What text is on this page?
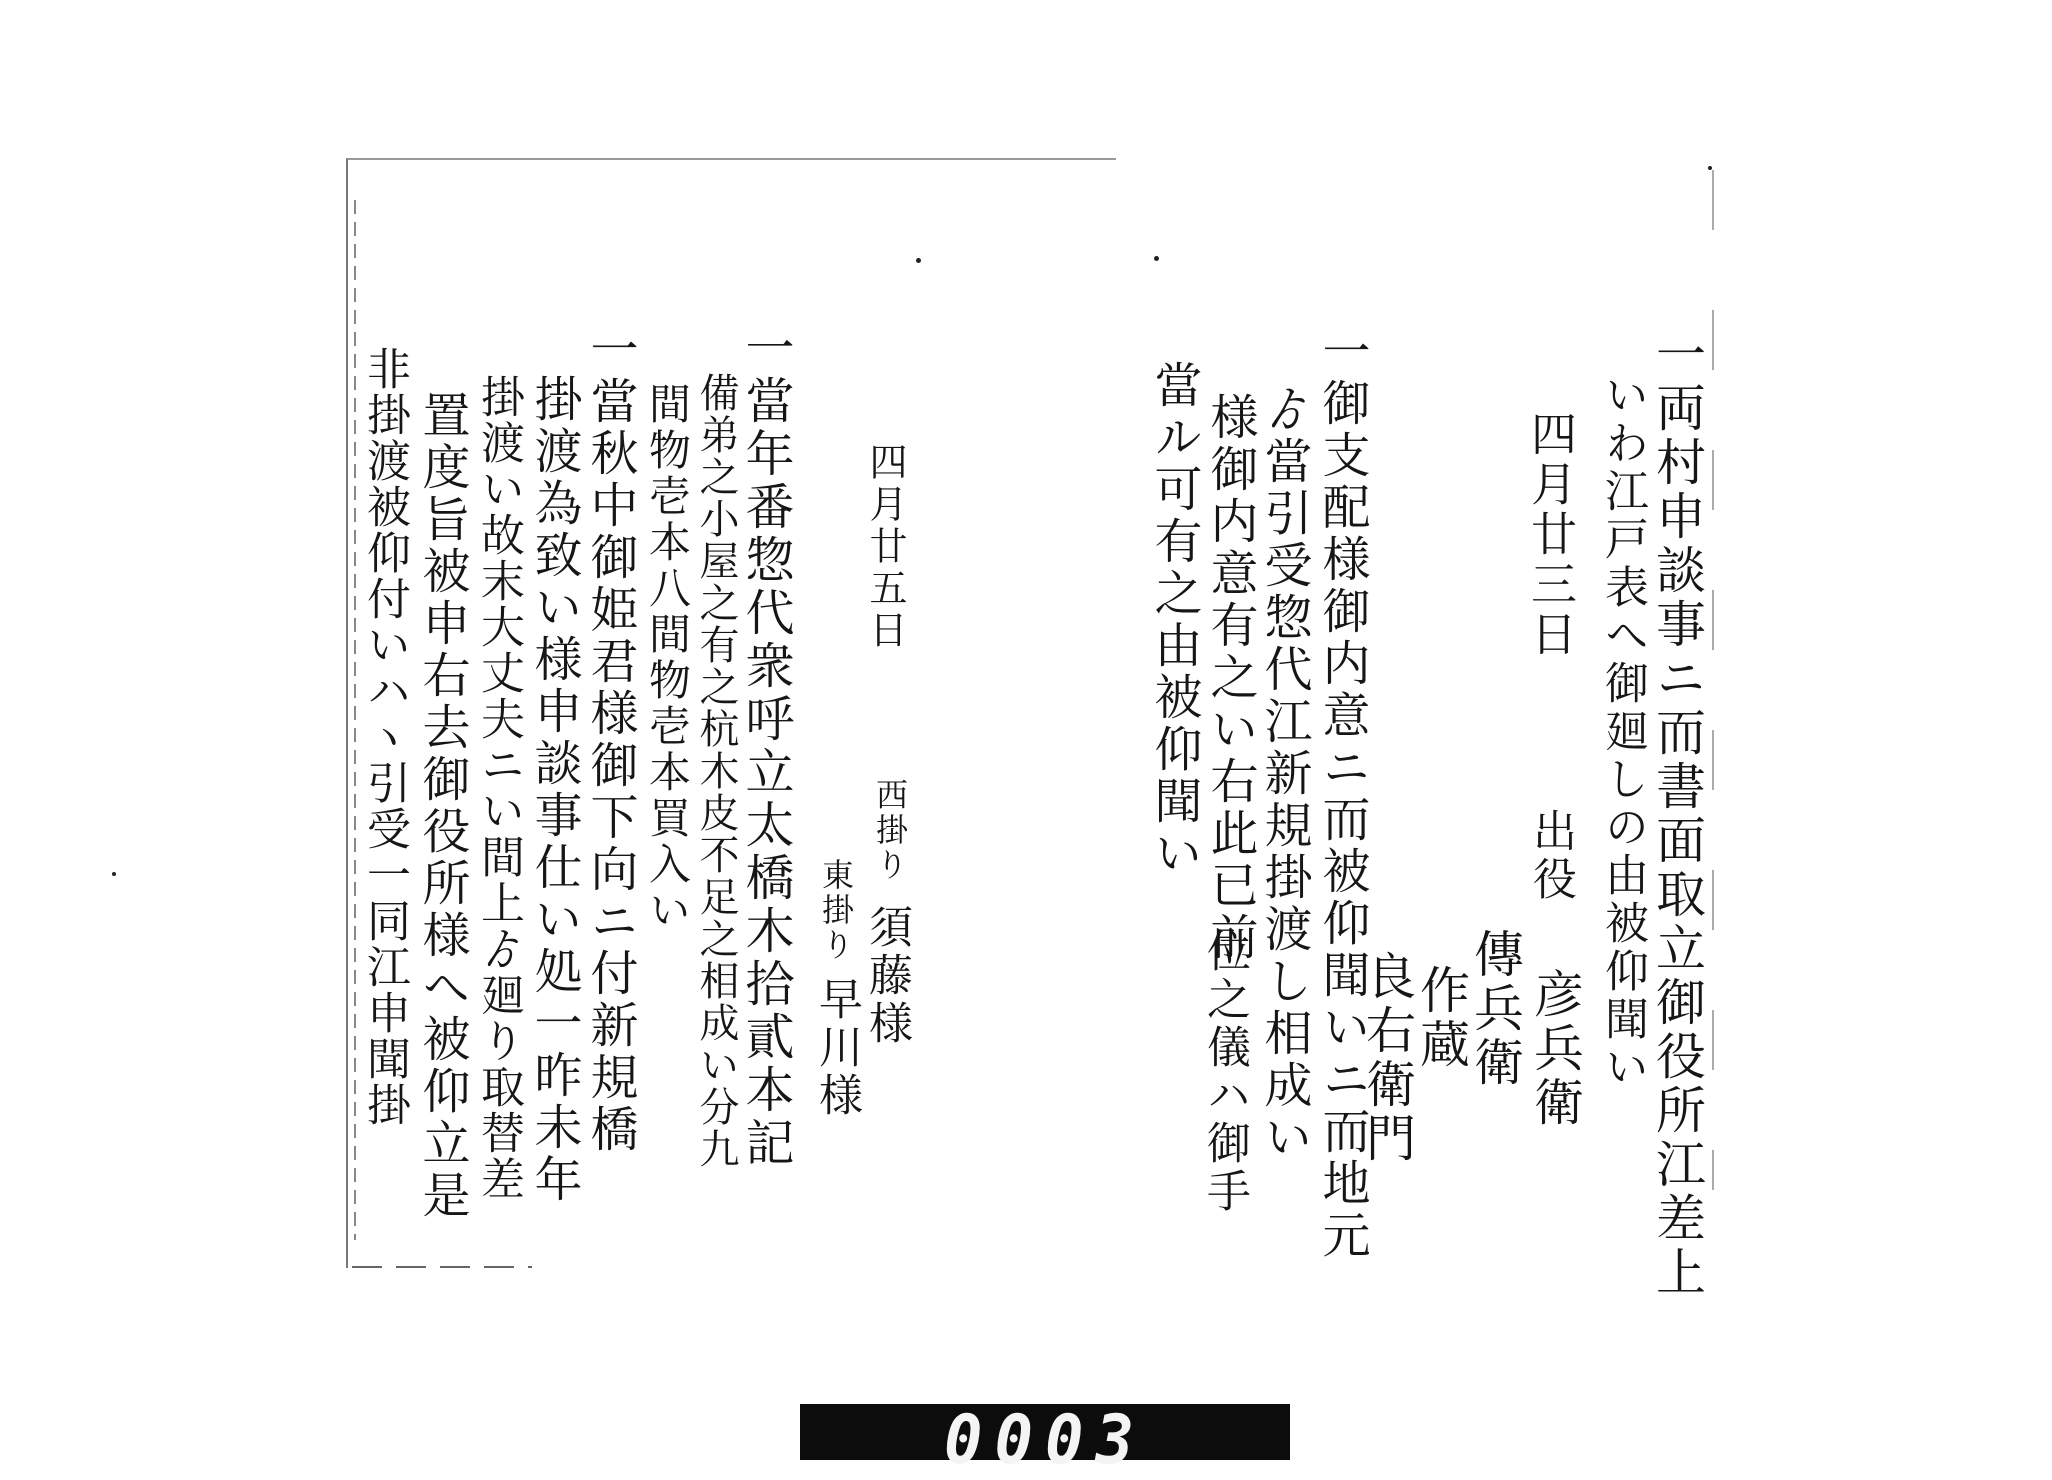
一両村申談事ニ而書面取立御役所江差上
いわ江戸表へ御廻しの由被仰聞い
四月廿三日
出役
彦兵衛
傳兵衛
作蔵
良右衛門
一御支配様御内意ニ而被仰聞いニ而地元
ゟ當引受惣代江新規掛渡し相成い
様御内意有之い右此已前
當ル可有之由被仰聞い
位之儀ハ御手
四月廿五日
西掛り
須藤様
東掛り
早川様
一當年番惣代衆呼立太橋木拾貳本記
備弟之小屋之有之杭木皮不足之相成い分九
間物壱本八間物壱本買入い
一當秋中御姫君様御下向ニ付新規橋
掛渡為致い様申談事仕い処一昨未年
掛渡い故末大丈夫ニい間上ゟ廻り取替差
置度旨被申右去御役所様へ被仰立是
非掛渡被仰付いハヽ引受一同江申聞掛
0003
